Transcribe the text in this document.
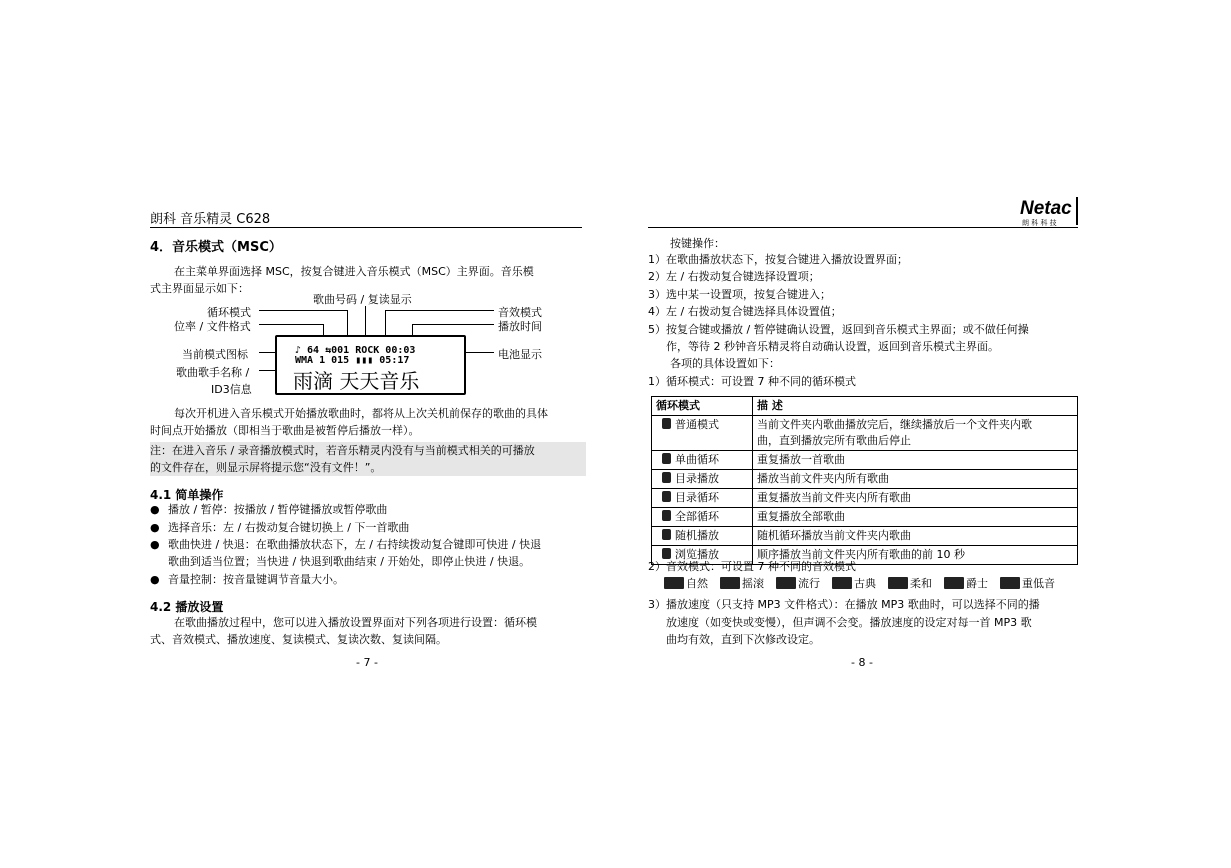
朗科 音乐精灵 C628
4．音乐模式（MSC）
在主菜单界面选择 MSC，按复合键进入音乐模式（MSC）主界面。音乐模
式主界面显示如下：
歌曲号码 / 复读显示
循环模式
位率 / 文件格式
当前模式图标
歌曲歌手名称 /
ID3信息
音效模式
播放时间
电池显示
♪ 64 ⇆001 ROCK 00:03
WMA 1 015 ▮▮▮ 05:17
雨滴 天天音乐
每次开机进入音乐模式开始播放歌曲时，都将从上次关机前保存的歌曲的具体
时间点开始播放（即相当于歌曲是被暂停后播放一样）。
注：在进入音乐 / 录音播放模式时，若音乐精灵内没有与当前模式相关的可播放
的文件存在，则显示屏将提示您“没有文件！”。
4.1 简单操作
● 播放 / 暂停：按播放 / 暂停键播放或暂停歌曲
● 选择音乐：左 / 右拨动复合键切换上 / 下一首歌曲
● 歌曲快进 / 快退：在歌曲播放状态下，左 / 右持续拨动复合键即可快进 / 快退
歌曲到适当位置；当快进 / 快退到歌曲结束 / 开始处，即停止快进 / 快退。
● 音量控制：按音量键调节音量大小。
4.2 播放设置
在歌曲播放过程中，您可以进入播放设置界面对下列各项进行设置：循环模
式、音效模式、播放速度、复读模式、复读次数、复读间隔。
- 7 -
Netac
朗 科 科 技
按键操作：
1）在歌曲播放状态下，按复合键进入播放设置界面；
2）左 / 右拨动复合键选择设置项；
3）选中某一设置项，按复合键进入；
4）左 / 右拨动复合键选择具体设置值；
5）按复合键或播放 / 暂停键确认设置，返回到音乐模式主界面；或不做任何操
作，等待 2 秒钟音乐精灵将自动确认设置，返回到音乐模式主界面。
各项的具体设置如下：
1）循环模式：可设置 7 种不同的循环模式
循环模式	描 述
普通模式	当前文件夹内歌曲播放完后，继续播放后一个文件夹内歌
曲，直到播放完所有歌曲后停止

单曲循环	重复播放一首歌曲

目录播放	播放当前文件夹内所有歌曲

目录循环	重复播放当前文件夹内所有歌曲

全部循环	重复播放全部歌曲

随机播放	随机循环播放当前文件夹内歌曲

浏览播放	顺序播放当前文件夹内所有歌曲的前 10 秒
2）音效模式：可设置 7 种不同的音效模式
自然	摇滚	流行	古典	柔和	爵士	重低音
3）播放速度（只支持 MP3 文件格式）：在播放 MP3 歌曲时，可以选择不同的播
放速度（如变快或变慢），但声调不会变。播放速度的设定对每一首 MP3 歌
曲均有效，直到下次修改设定。
- 8 -
